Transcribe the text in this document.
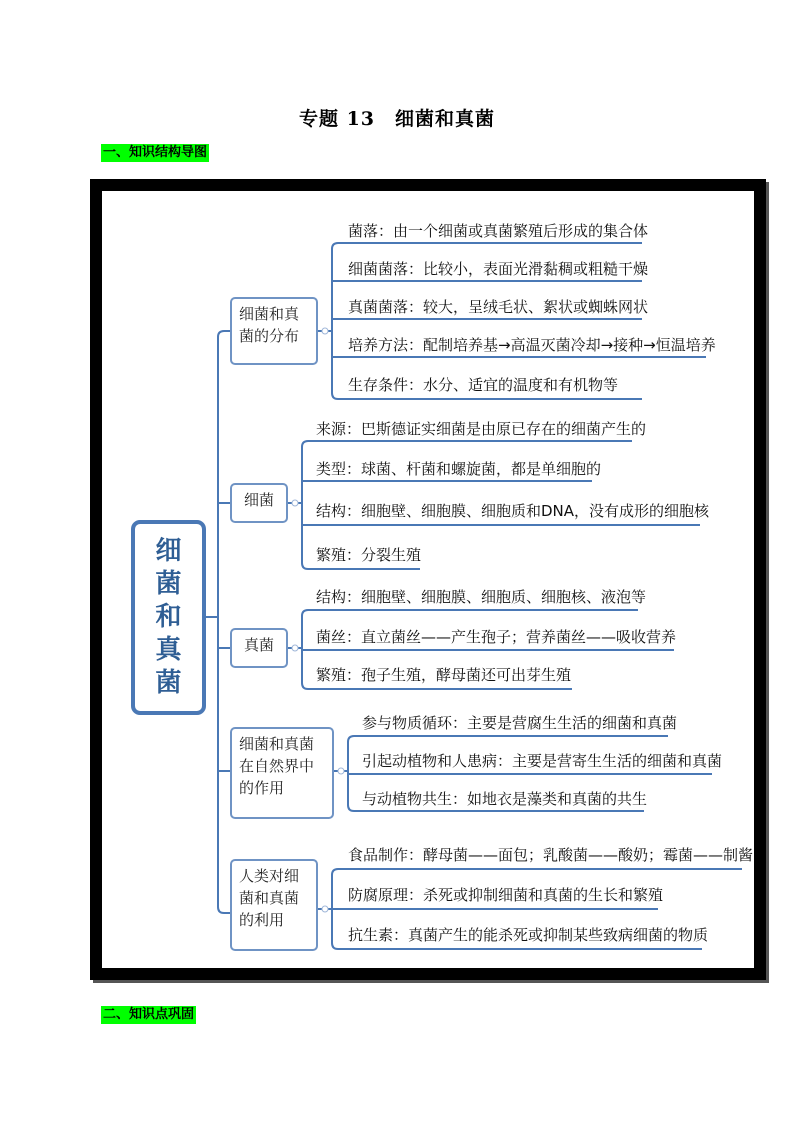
专题 13　细菌和真菌
一、知识结构导图
细菌和真菌
细菌和真菌的分布
菌落：由一个细菌或真菌繁殖后形成的集合体
细菌菌落：比较小，表面光滑黏稠或粗糙干燥
真菌菌落：较大，呈绒毛状、絮状或蜘蛛网状
培养方法：配制培养基→高温灭菌冷却→接种→恒温培养
生存条件：水分、适宜的温度和有机物等
细菌
来源：巴斯德证实细菌是由原已存在的细菌产生的
类型：球菌、杆菌和螺旋菌，都是单细胞的
结构：细胞壁、细胞膜、细胞质和DNA，没有成形的细胞核
繁殖：分裂生殖
真菌
结构：细胞壁、细胞膜、细胞质、细胞核、液泡等
菌丝：直立菌丝——产生孢子；营养菌丝——吸收营养
繁殖：孢子生殖，酵母菌还可出芽生殖
细菌和真菌在自然界中的作用
参与物质循环：主要是营腐生生活的细菌和真菌
引起动植物和人患病：主要是营寄生生活的细菌和真菌
与动植物共生：如地衣是藻类和真菌的共生
人类对细菌和真菌的利用
食品制作：酵母菌——面包；乳酸菌——酸奶；霉菌——制酱
防腐原理：杀死或抑制细菌和真菌的生长和繁殖
抗生素：真菌产生的能杀死或抑制某些致病细菌的物质
二、知识点巩固
